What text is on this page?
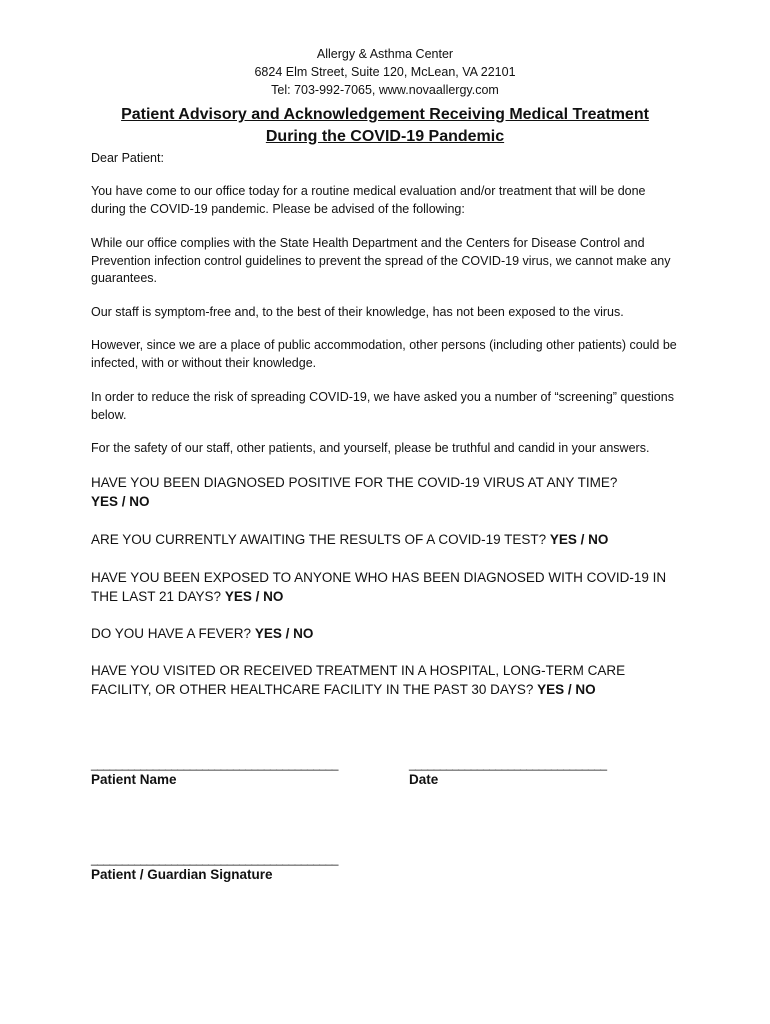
Allergy & Asthma Center
6824 Elm Street, Suite 120, McLean, VA 22101
Tel: 703-992-7065, www.novaallergy.com
Patient Advisory and Acknowledgement Receiving Medical Treatment
During the COVID-19 Pandemic
Dear Patient:
You have come to our office today for a routine medical evaluation and/or treatment that will be done during the COVID-19 pandemic. Please be advised of the following:
While our office complies with the State Health Department and the Centers for Disease Control and Prevention infection control guidelines to prevent the spread of the COVID-19 virus, we cannot make any guarantees.
Our staff is symptom-free and, to the best of their knowledge, has not been exposed to the virus.
However, since we are a place of public accommodation, other persons (including other patients) could be infected, with or without their knowledge.
In order to reduce the risk of spreading COVID-19, we have asked you a number of “screening” questions below.
For the safety of our staff, other patients, and yourself, please be truthful and candid in your answers.
HAVE YOU BEEN DIAGNOSED POSITIVE FOR THE COVID-19 VIRUS AT ANY TIME?
YES / NO
ARE YOU CURRENTLY AWAITING THE RESULTS OF A COVID-19 TEST? YES / NO
HAVE YOU BEEN EXPOSED TO ANYONE WHO HAS BEEN DIAGNOSED WITH COVID-19 IN THE LAST 21 DAYS? YES / NO
DO YOU HAVE A FEVER? YES / NO
HAVE YOU VISITED OR RECEIVED TREATMENT IN A HOSPITAL, LONG-TERM CARE FACILITY, OR OTHER HEALTHCARE FACILITY IN THE PAST 30 DAYS? YES / NO
________________________________________	________________________________
Patient Name	Date
________________________________________
Patient / Guardian Signature
